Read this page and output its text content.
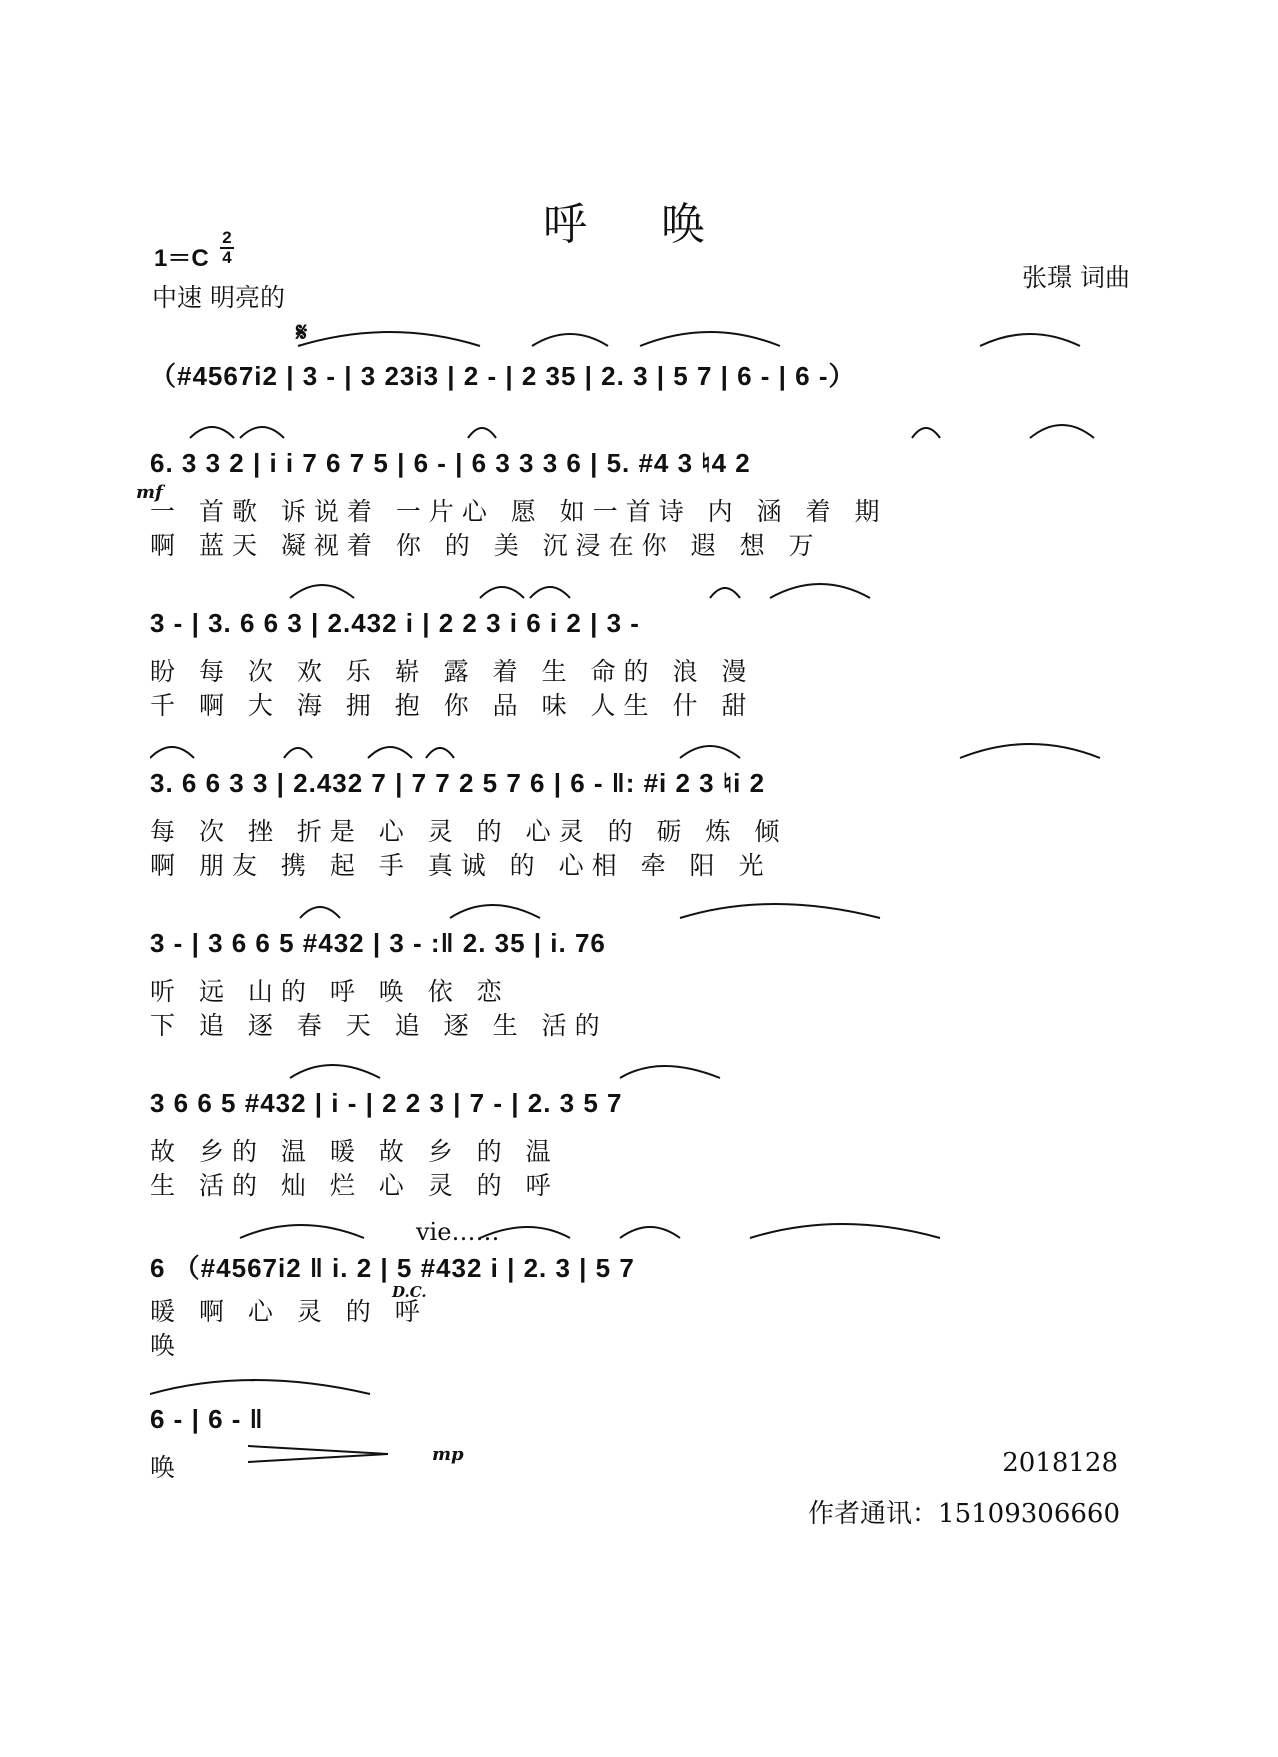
呼 唤
1＝C
2
4
中速 明亮的
张璟 词曲
𝄋
（#4567i2 | 3 - | 3 23i3 | 2 - | 2 35 | 2. 3 | 5 7 | 6 - | 6 -）
mf
6. 3 3 2 | i i 7 6 7 5 | 6 - | 6 3 3 3 6 | 5. #4 3 ♮4 2
一 首歌 诉说着 一片心 愿 如一首诗 内 涵 着 期
啊 蓝天 凝视着 你 的 美 沉浸在你 遐 想 万
3 - | 3. 6 6 3 | 2.432 i | 2 2 3 i 6 i 2 | 3 -
盼 每 次 欢 乐 崭 露 着 生 命的 浪 漫
千 啊 大 海 拥 抱 你 品 味 人生 什 甜
3. 6 6 3 3 | 2.432 7 | 7 7 2 5 7 6 | 6 - ‖: #i 2 3 ♮i 2
每 次 挫 折是 心 灵 的 心灵 的 砺 炼 倾
啊 朋友 携 起 手 真诚 的 心相 牵 阳 光
3 - | 3 6 6 5 #432 | 3 - :‖ 2. 35 | i. 76
听 远 山的 呼 唤 依 恋
下 追 逐 春 天 追 逐 生 活的
3 6 6 5 #432 | i - | 2 2 3 | 7 - | 2. 3 5 7
故 乡的 温 暖 故 乡 的 温
生 活的 灿 烂 心 灵 的 呼
vie……
D.C.
6 （#4567i2 ‖ i. 2 | 5 #432 i | 2. 3 | 5 7
暖 啊 心 灵 的 呼
唤
6 - | 6 - ‖
唤	mp	2018128
作者通讯：15109306660
